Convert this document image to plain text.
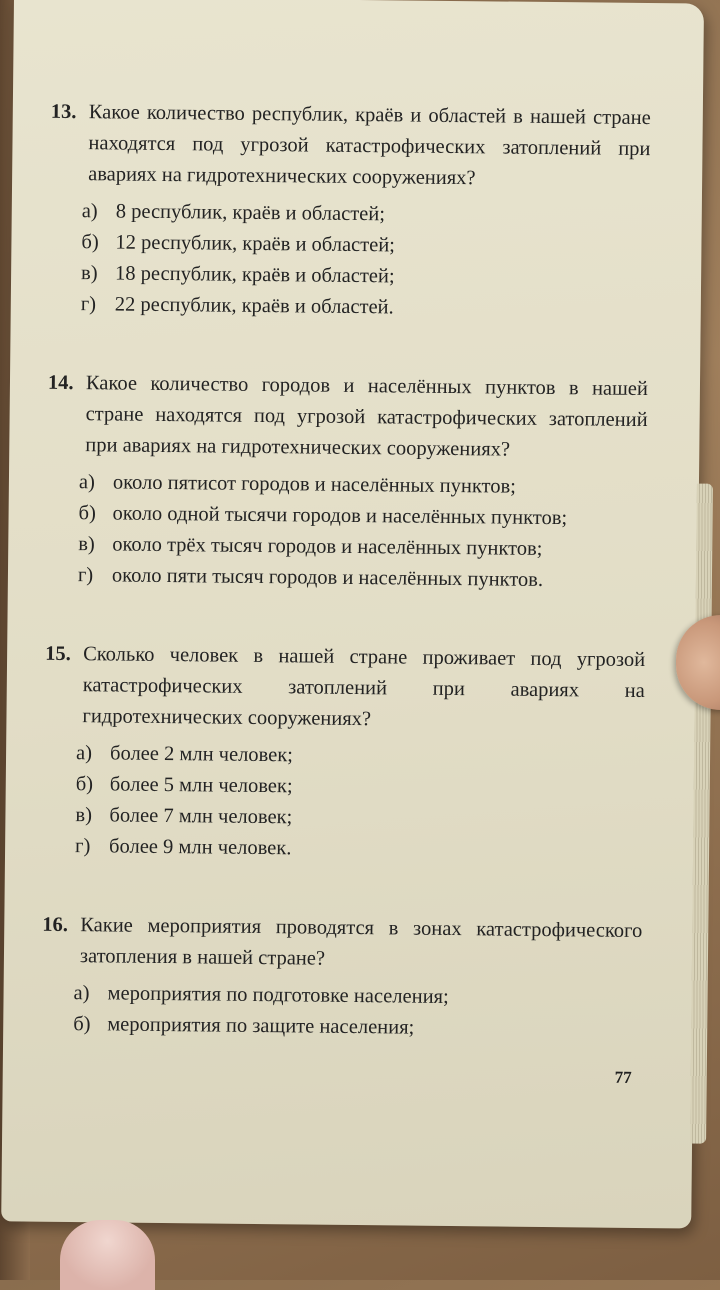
13. Какое количество республик, краёв и областей в нашей стране находятся под угрозой катастрофических затоплений при авариях на гидротехнических сооружениях?
а) 8 республик, краёв и областей;
б) 12 республик, краёв и областей;
в) 18 республик, краёв и областей;
г) 22 республик, краёв и областей.
14. Какое количество городов и населённых пунктов в нашей стране находятся под угрозой катастрофических затоплений при авариях на гидротехнических сооружениях?
а) около пятисот городов и населённых пунктов;
б) около одной тысячи городов и населённых пунктов;
в) около трёх тысяч городов и населённых пунктов;
г) около пяти тысяч городов и населённых пунктов.
15. Сколько человек в нашей стране проживает под угрозой катастрофических затоплений при авариях на гидротехнических сооружениях?
а) более 2 млн человек;
б) более 5 млн человек;
в) более 7 млн человек;
г) более 9 млн человек.
16. Какие мероприятия проводятся в зонах катастрофического затопления в нашей стране?
а) мероприятия по подготовке населения;
б) мероприятия по защите населения;
77
